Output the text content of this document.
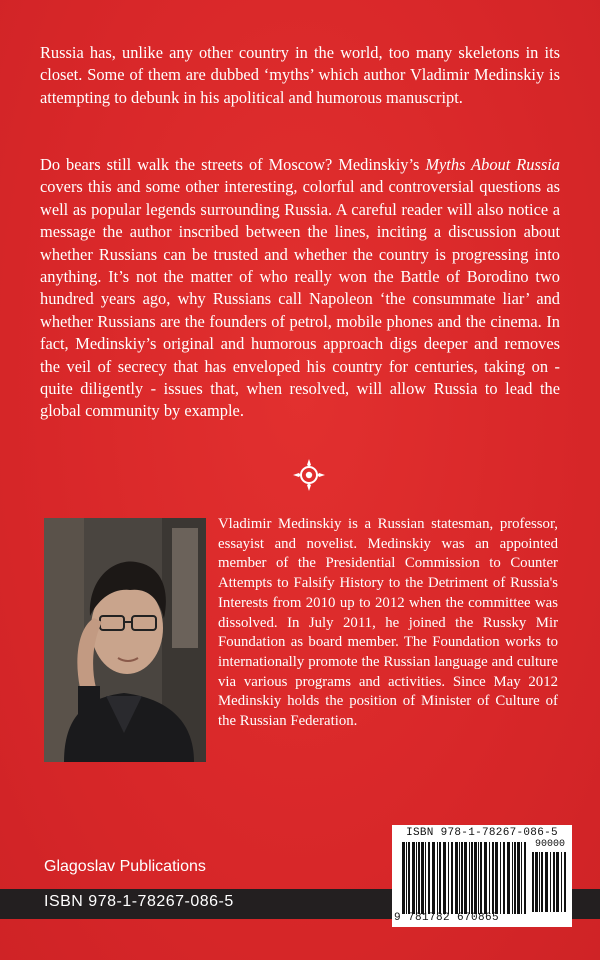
Russia has, unlike any other country in the world, too many skeletons in its closet. Some of them are dubbed ‘myths’ which author Vladimir Medinskiy is attempting to debunk in his apolitical and humorous manuscript.

Do bears still walk the streets of Moscow? Medinskiy’s Myths About Russia covers this and some other interesting, colorful and controversial questions as well as popular legends surrounding Russia. A careful reader will also notice a message the author inscribed between the lines, inciting a discussion about whether Russians can be trusted and whether the country is progressing into anything. It’s not the matter of who really won the Battle of Borodino two hundred years ago, why Russians call Napoleon ‘the consummate liar’ and whether Russians are the founders of petrol, mobile phones and the cinema. In fact, Medinskiy’s original and humorous approach digs deeper and removes the veil of secrecy that has enveloped his country for centuries, taking on - quite diligently - issues that, when resolved, will allow Russia to lead the global community by example.

Vladimir Medinskiy is a Russian statesman, professor, essayist and novelist. Medinskiy was an appointed member of the Presidential Commission to Counter Attempts to Falsify History to the Detriment of Russia's Interests from 2010 up to 2012 when the committee was dissolved. In July 2011, he joined the Russky Mir Foundation as board member. The Foundation works to internationally promote the Russian language and culture via various programs and activities. Since May 2012 Medinskiy holds the position of Minister of Culture of the Russian Federation.

Glagoslav Publications
ISBN 978-1-78267-086-5
ISBN 978-1-78267-086-5
90000
9 781782 670865
